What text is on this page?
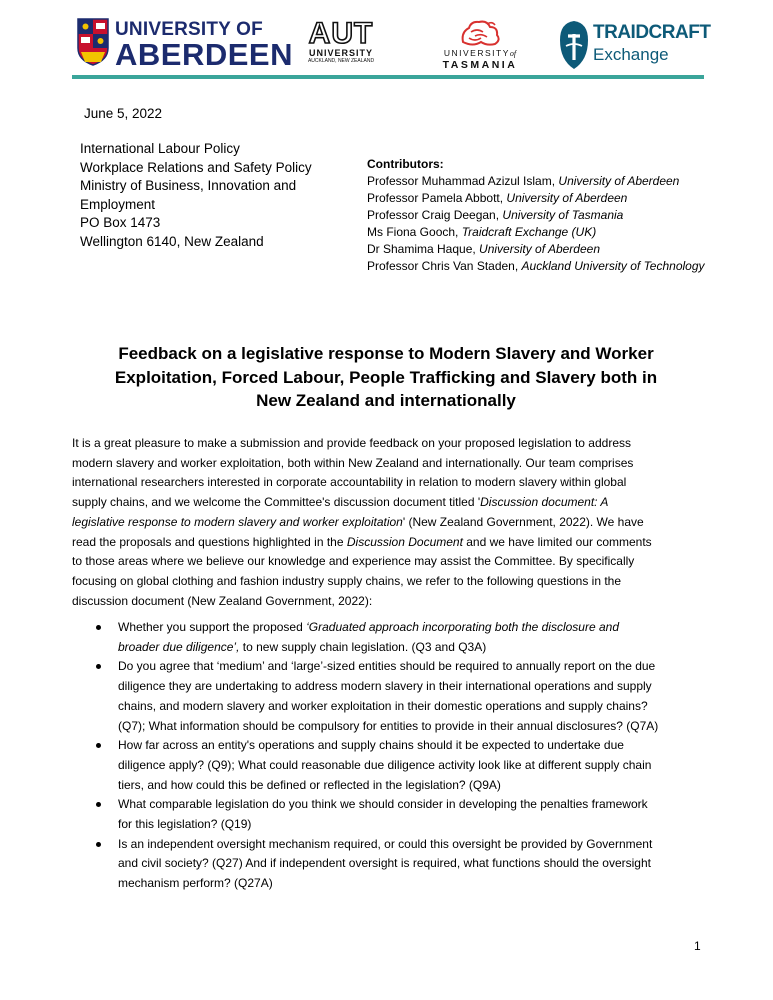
UNIVERSITY OF
ABERDEEN
AUT
UNIVERSITY
AUCKLAND, NEW ZEALAND
UNIVERSITYof
TASMANIA
TRAIDCRAFT
Exchange
June 5, 2022
International Labour Policy
Workplace Relations and Safety Policy
Ministry of Business, Innovation and
Employment
PO Box 1473
Wellington 6140, New Zealand
Contributors:
Professor Muhammad Azizul Islam, University of Aberdeen
Professor Pamela Abbott, University of Aberdeen
Professor Craig Deegan, University of Tasmania
Ms Fiona Gooch, Traidcraft Exchange (UK)
Dr Shamima Haque, University of Aberdeen
Professor Chris Van Staden, Auckland University of Technology
Feedback on a legislative response to Modern Slavery and Worker
Exploitation, Forced Labour, People Trafficking and Slavery both in
New Zealand and internationally
It is a great pleasure to make a submission and provide feedback on your proposed legislation to address
modern slavery and worker exploitation, both within New Zealand and internationally. Our team comprises
international researchers interested in corporate accountability in relation to modern slavery within global
supply chains, and we welcome the Committee's discussion document titled 'Discussion document: A
legislative response to modern slavery and worker exploitation' (New Zealand Government, 2022). We have
read the proposals and questions highlighted in the Discussion Document and we have limited our comments
to those areas where we believe our knowledge and experience may assist the Committee. By specifically
focusing on global clothing and fashion industry supply chains, we refer to the following questions in the
discussion document (New Zealand Government, 2022):
Whether you support the proposed ‘Graduated approach incorporating both the disclosure and
broader due diligence’, to new supply chain legislation. (Q3 and Q3A)
Do you agree that ‘medium’ and ‘large’-sized entities should be required to annually report on the due
diligence they are undertaking to address modern slavery in their international operations and supply
chains, and modern slavery and worker exploitation in their domestic operations and supply chains?
(Q7); What information should be compulsory for entities to provide in their annual disclosures? (Q7A)
How far across an entity's operations and supply chains should it be expected to undertake due
diligence apply? (Q9); What could reasonable due diligence activity look like at different supply chain
tiers, and how could this be defined or reflected in the legislation? (Q9A)
What comparable legislation do you think we should consider in developing the penalties framework
for this legislation? (Q19)
Is an independent oversight mechanism required, or could this oversight be provided by Government
and civil society? (Q27) And if independent oversight is required, what functions should the oversight
mechanism perform? (Q27A)
1
